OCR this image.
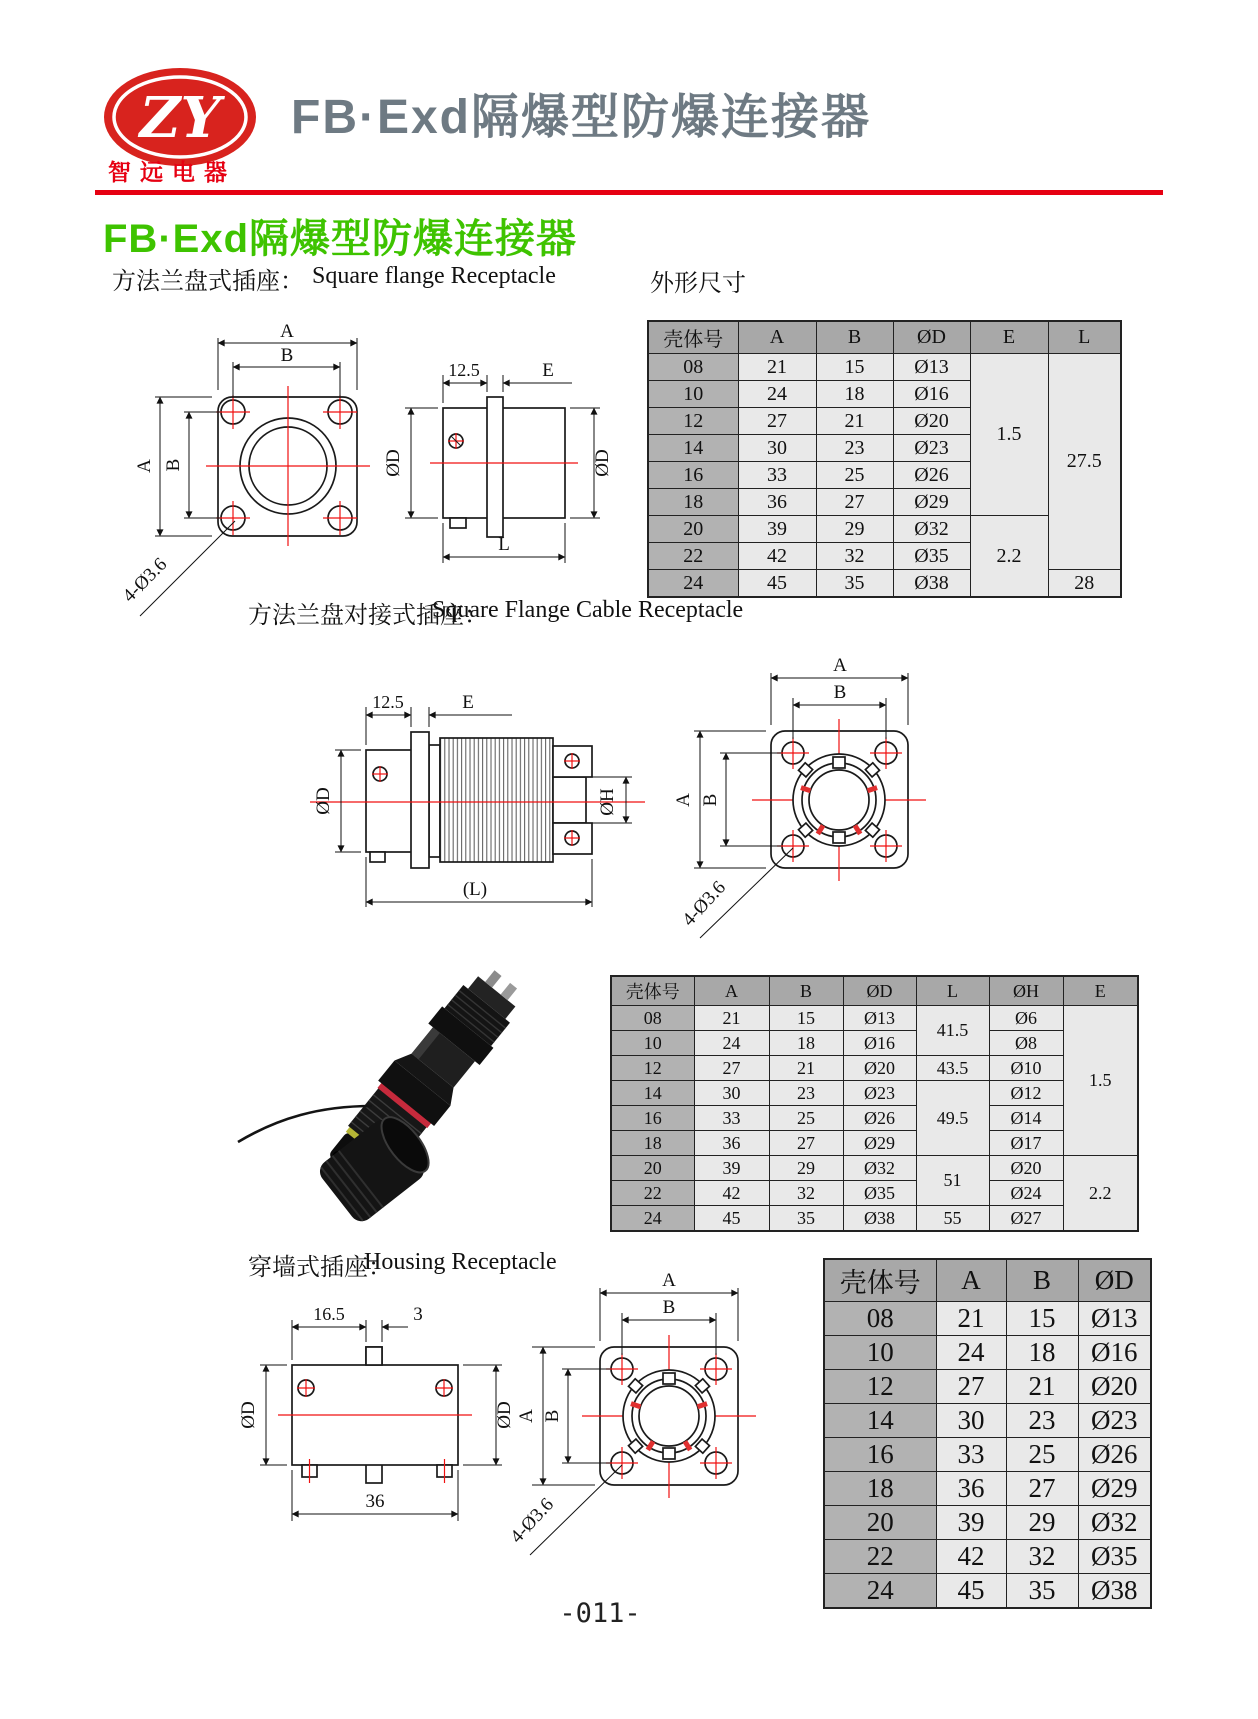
ZY
智远电器
FB·Exd隔爆型防爆连接器
FB·Exd隔爆型防爆连接器
方法兰盘式插座： Square flange Receptacle	外形尺寸
A
B
A B
4-Ø3.6
12.5	E
ØD	ØD
L
壳体号	A	B	ØD	E	L
08	21	15	Ø13	1.5	27.5
10	24	18	Ø16		
12	27	21	Ø20		
14	30	23	Ø23		
16	33	25	Ø26		
18	36	27	Ø29		
20	39	29	Ø32	2.2	
22	42	32	Ø35		
24	45	35	Ø38		28
方法兰盘对接式插座：
Square Flange Cable Receptacle
12.5	E
ØD	ØH
(L)
A
B
A B
4-Ø3.6
壳体号	A	B	ØD	L	ØH	E
08	21	15	Ø13	41.5	Ø6	1.5
10	24	18	Ø16		Ø8	
12	27	21	Ø20	43.5	Ø10	
14	30	23	Ø23	49.5	Ø12	
16	33	25	Ø26		Ø14	
18	36	27	Ø29		Ø17	
20	39	29	Ø32	51	Ø20	2.2
22	42	32	Ø35		Ø24	
24	45	35	Ø38	55	Ø27	
穿墙式插座：
Housing Receptacle
16.5	3
ØD	ØD
36
A
B
A B
4-Ø3.6
壳体号	A	B	ØD
08	21	15	Ø13
10	24	18	Ø16
12	27	21	Ø20
14	30	23	Ø23
16	33	25	Ø26
18	36	27	Ø29
20	39	29	Ø32
22	42	32	Ø35
24	45	35	Ø38
-011-
